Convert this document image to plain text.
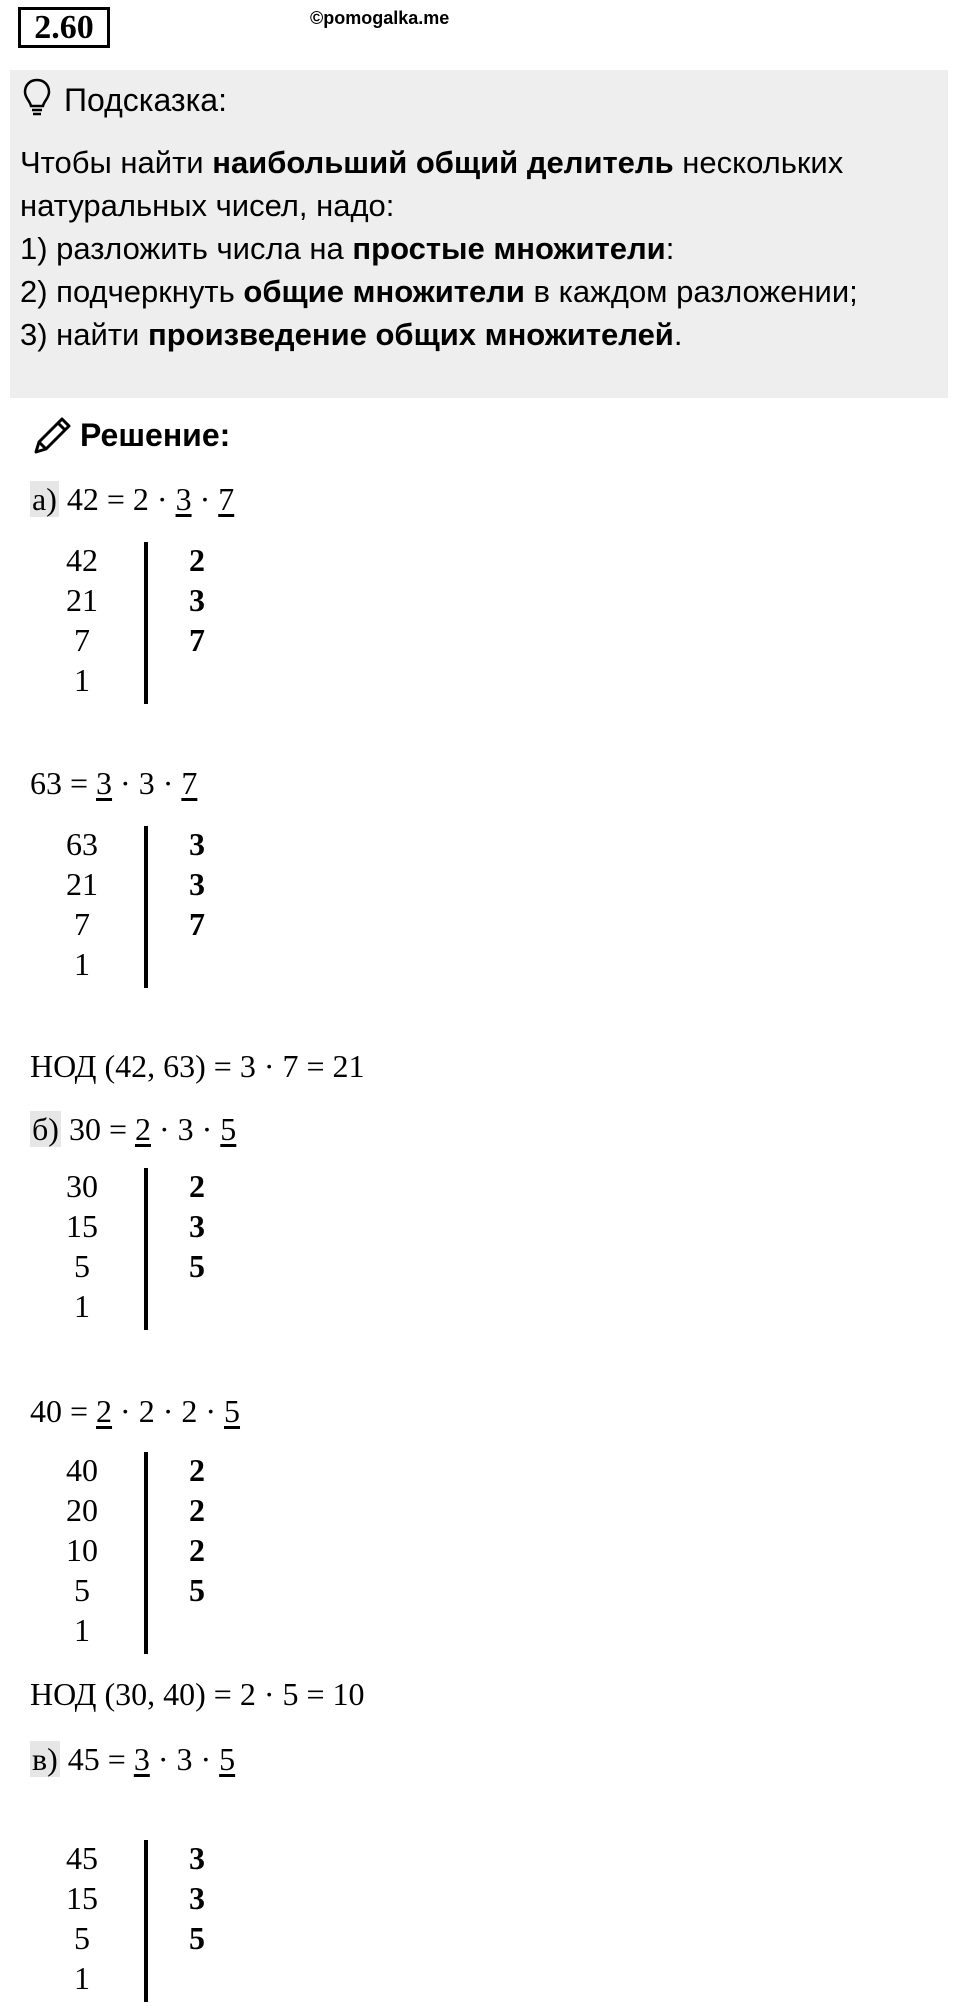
2.60	©pomogalka.me
Подсказка:
Чтобы найти наибольший общий делитель нескольких
натуральных чисел, надо:
1) разложить числа на простые множители:
2) подчеркнуть общие множители в каждом разложении;
3) найти произведение общих множителей.
Решение:
а) 42 = 2 · 3 · 7
42
21
7
1
2
3
7
63 = 3 · 3 · 7
63
21
7
1
3
3
7
НОД (42, 63) = 3 · 7 = 21
б) 30 = 2 · 3 · 5
30
15
5
1
2
3
5
40 = 2 · 2 · 2 · 5
40
20
10
5
1
2
2
2
5
НОД (30, 40) = 2 · 5 = 10
в) 45 = 3 · 3 · 5
45
15
5
1
3
3
5
